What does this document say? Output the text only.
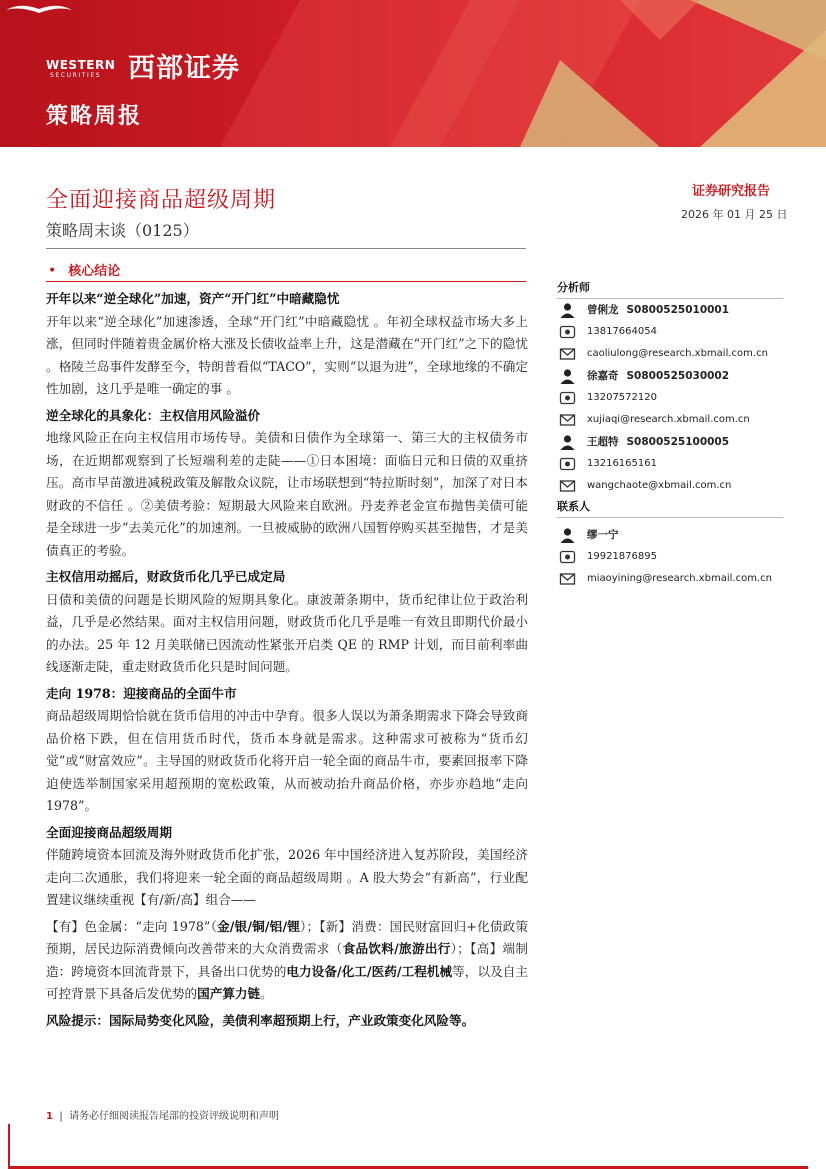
WESTERN
SECURITIES 西部证券
策略周报
全面迎接商品超级周期
策略周末谈（0125）
证券研究报告
2026 年 01 月 25 日
• 核心结论
开年以来“逆全球化”加速，资产“开门红”中暗藏隐忧

开年以来“逆全球化”加速渗透，全球“开门红”中暗藏隐忧 。年初全球权益市场大多上涨，但同时伴随着贵金属价格大涨及长债收益率上升，这是潜藏在“开门红”之下的隐忧 。格陵兰岛事件发酵至今，特朗普看似“TACO”，实则“以退为进”，全球地缘的不确定性加剧，这几乎是唯一确定的事 。

逆全球化的具象化：主权信用风险溢价

地缘风险正在向主权信用市场传导。美债和日债作为全球第一、第三大的主权债务市场，在近期都观察到了长短端利差的走陡——①日本困境：面临日元和日债的双重挤压。高市早苗激进减税政策及解散众议院，让市场联想到“特拉斯时刻”，加深了对日本财政的不信任 。②美债考验：短期最大风险来自欧洲。丹麦养老金宣布抛售美债可能是全球进一步“去美元化”的加速剂。一旦被威胁的欧洲八国暂停购买甚至抛售，才是美债真正的考验。

主权信用动摇后，财政货币化几乎已成定局

日债和美债的问题是长期风险的短期具象化。康波萧条期中，货币纪律让位于政治利益，几乎是必然结果。面对主权信用问题，财政货币化几乎是唯一有效且即期代价最小的办法。25 年 12 月美联储已因流动性紧张开启类 QE 的 RMP 计划，而目前利率曲线逐渐走陡，重走财政货币化只是时间问题。

走向 1978：迎接商品的全面牛市

商品超级周期恰恰就在货币信用的冲击中孕育。很多人误以为萧条期需求下降会导致商品价格下跌，但在信用货币时代，货币本身就是需求。这种需求可被称为“货币幻觉”或“财富效应”。主导国的财政货币化将开启一轮全面的商品牛市，要素回报率下降迫使选举制国家采用超预期的宽松政策，从而被动抬升商品价格，亦步亦趋地“走向 1978”。

全面迎接商品超级周期

伴随跨境资本回流及海外财政货币化扩张，2026 年中国经济进入复苏阶段，美国经济走向二次通胀，我们将迎来一轮全面的商品超级周期 。A 股大势会“有新高”，行业配置建议继续重视【有/新/高】组合——

【有】色金属：“走向 1978”（金/银/铜/铝/锂）；【新】消费：国民财富回归+化债政策预期，居民边际消费倾向改善带来的大众消费需求（食品饮料/旅游出行）；【高】端制造：跨境资本回流背景下，具备出口优势的电力设备/化工/医药/工程机械等，以及自主可控背景下具备后发优势的国产算力链。

风险提示：国际局势变化风险，美债利率超预期上行，产业政策变化风险等。
分析师
曾俐龙 S0800525010001
13817664054
caoliulong@research.xbmail.com.cn
徐嘉奇 S0800525030002
13207572120
xujiaqi@research.xbmail.com.cn
王超特 S0800525100005
13216165161
wangchaote@xbmail.com.cn
联系人
缪一宁
19921876895
miaoyining@research.xbmail.com.cn
1  |  请务必仔细阅读报告尾部的投资评级说明和声明
